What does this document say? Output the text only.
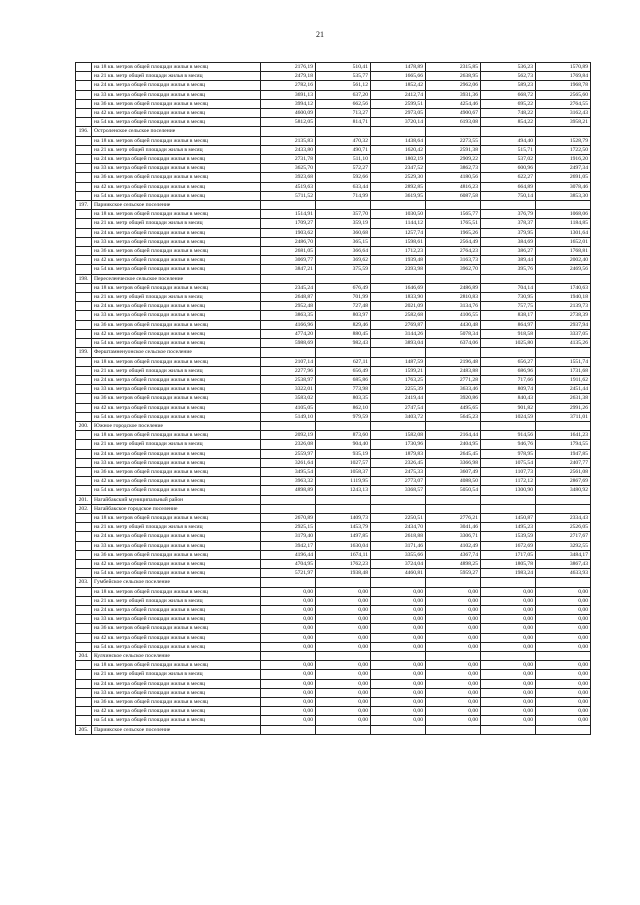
21
	на 18 кв. метров общей площади жилья в месяц	2176,19	510,41	1478,89	2315,85	536,23	1570,89
	на 21 кв. метр общей площади жилья в месяц	2479,18	535,77	1665,66	2638,95	562,73	1769,84
	на 24 кв. метра общей площади жилья в месяц	2782,16	561,12	1852,42	2962,06	589,23	1968,78
	на 33 кв. метра общей площади жилья в месяц	3691,13	637,20	2412,74	3931,36	668,72	2565,60
	на 36 кв. метров общей площади жилья в месяц	3994,12	662,56	2599,51	4254,46	695,22	2764,55
	на 42 кв. метра общей площади жилья в месяц	4600,09	713,27	2973,05	4900,67	748,22	3162,43
	на 54 кв. метра общей площади жилья в месяц	5812,05	814,71	3720,14	6193,08	854,22	3958,21
196.	Остроленское сельское поселение						
	на 18 кв. метров общей площади жилья в месяц	2135,83	470,32	1438,64	2273,55	494,40	1528,79
	на 21 кв. метр общей площади жилья в месяц	2433,80	490,71	1620,42	2591,38	515,71	1722,50
	на 24 кв. метра общей площади жилья в месяц	2731,78	511,10	1802,19	2909,22	537,02	1916,20
	на 33 кв. метра общей площади жилья в месяц	3625,70	572,27	2347,52	3862,73	600,96	2497,34
	на 36 кв. метров общей площади жилья в месяц	3923,68	592,66	2529,30	4180,56	622,27	2691,05
	на 42 кв. метра общей площади жилья в месяц	4519,63	633,44	2892,85	4816,23	664,89	3078,46
	на 54 кв. метра общей площади жилья в месяц	5711,52	714,99	3619,95	6087,58	750,14	3853,30
197.	Париикское сельское поселение						
	на 18 кв. метров общей площади жилья в месяц	1514,91	357,70	1030,50	1565,77	376,79	1068,06
	на 21 кв. метр общей площади жилья в месяц	1709,27	359,19	1144,12	1765,51	378,37	1184,85
	на 24 кв. метра общей площади жилья в месяц	1903,62	360,68	1257,74	1965,26	379,95	1301,64
	на 33 кв. метра общей площади жилья в месяц	2486,70	365,15	1598,61	2564,49	384,69	1652,01
	на 36 кв. метров общей площади жилья в месяц	2681,05	366,64	1712,23	2764,23	386,27	1768,81
	на 42 кв. метра общей площади жилья в месяц	3069,77	369,62	1939,48	3163,73	389,44	2002,40
	на 54 кв. метра общей площади жилья в месяц	3847,21	375,59	2393,98	3962,70	395,76	2469,56
198.	Переселенческое сельское поселение						
	на 18 кв. метров общей площади жилья в месяц	2345,24	676,49	1646,69	2486,89	704,14	1740,63
	на 21 кв. метр общей площади жилья в месяц	2648,87	701,99	1833,90	2810,83	730,95	1940,18
	на 24 кв. метра общей площади жилья в месяц	2952,48	727,48	2021,09	3134,76	757,75	2139,73
	на 33 кв. метра общей площади жилья в месяц	3863,35	803,97	2582,68	4106,55	838,17	2738,39
	на 36 кв. метров общей площади жилья в месяц	4166,96	829,46	2769,87	4430,48	864,97	2937,94
	на 42 кв. метра общей площади жилья в месяц	4774,20	880,45	3144,26	5078,34	918,58	3337,05
	на 54 кв. метра общей площади жилья в месяц	5988,69	982,43	3893,04	6374,06	1025,80	4135,26
199.	Ферштамненуонское сельское поселение						
	на 18 кв. метров общей площади жилья в месяц	2107,14	627,11	1487,59	2196,48	656,27	1551,74
	на 21 кв. метр общей площади жилья в месяц	2277,96	656,49	1599,21	2483,88	686,96	1731,68
	на 24 кв. метра общей площади жилья в месяц	2538,97	685,86	1763,25	2771,28	717,66	1911,62
	на 33 кв. метра общей площади жилья в месяц	3322,01	773,98	2255,39	3633,46	809,74	2451,44
	на 36 кв. метров общей площади жилья в месяц	3583,02	803,35	2419,44	3920,86	840,43	2631,38
	на 42 кв. метра общей площади жилья в месяц	4105,05	862,10	2747,54	4495,65	901,82	2991,26
	на 54 кв. метра общей площади жилья в месяц	5149,10	979,59	3403,72	5645,23	1024,59	3711,01
200.	Южное городское поселение						
	на 18 кв. метров общей площади жилья в месяц	2092,19	873,60	1582,08	2164,44	914,56	1641,23
	на 21 кв. метр общей площади жилья в месяц	2326,08	904,40	1730,96	2404,95	946,76	1794,55
	на 24 кв. метра общей площади жилья в месяц	2559,97	935,19	1879,83	2645,45	978,95	1947,85
	на 33 кв. метра общей площади жилья в месяц	3261,64	1027,57	2326,45	3366,98	1075,54	2407,77
	на 36 кв. метров общей площади жилья в месяц	3495,54	1058,37	2475,33	3607,49	1107,73	2561,08
	на 42 кв. метра общей площади жилья в месяц	3963,32	1119,95	2773,07	4088,50	1172,12	2867,69
	на 54 кв. метра общей площади жилья в месяц	4898,89	1243,13	3368,57	5050,54	1300,90	3480,92
201.	Нагайбакский муниципальный район						
202.	Нагайбакское городское поселение						
	на 18 кв. метров общей площади жилья в месяц	2670,89	1409,73	2250,51	2776,21	1450,87	2334,43
	на 21 кв. метр общей площади жилья в месяц	2925,15	1453,79	2434,70	3041,46	1495,23	2526,05
	на 24 кв. метра общей площади жилья в месяц	3179,40	1497,85	2618,88	3306,71	1539,59	2717,67
	на 33 кв. метра общей площади жилья в месяц	3942,17	1630,04	3171,46	4102,49	1672,69	3292,55
	на 36 кв. метров общей площади жилья в месяц	4196,44	1674,11	3355,66	4367,74	1717,05	3484,17
	на 42 кв. метра общей площади жилья в месяц	4704,95	1762,23	3724,04	4898,25	1805,78	3867,43
	на 54 кв. метра общей площади жилья в месяц	5721,97	1938,48	4460,81	5959,27	1983,24	4633,93
203.	Гумбейское сельское поселение						
	на 18 кв. метров общей площади жилья в месяц	0,00	0,00	0,00	0,00	0,00	0,00
	на 21 кв. метр общей площади жилья в месяц	0,00	0,00	0,00	0,00	0,00	0,00
	на 24 кв. метра общей площади жилья в месяц	0,00	0,00	0,00	0,00	0,00	0,00
	на 33 кв. метра общей площади жилья в месяц	0,00	0,00	0,00	0,00	0,00	0,00
	на 36 кв. метров общей площади жилья в месяц	0,00	0,00	0,00	0,00	0,00	0,00
	на 42 кв. метра общей площади жилья в месяц	0,00	0,00	0,00	0,00	0,00	0,00
	на 54 кв. метра общей площади жилья в месяц	0,00	0,00	0,00	0,00	0,00	0,00
204.	Кулчинское сельское поселение						
	на 18 кв. метров общей площади жилья в месяц	0,00	0,00	0,00	0,00	0,00	0,00
	на 21 кв. метр общей площади жилья в месяц	0,00	0,00	0,00	0,00	0,00	0,00
	на 24 кв. метра общей площади жилья в месяц	0,00	0,00	0,00	0,00	0,00	0,00
	на 33 кв. метра общей площади жилья в месяц	0,00	0,00	0,00	0,00	0,00	0,00
	на 36 кв. метров общей площади жилья в месяц	0,00	0,00	0,00	0,00	0,00	0,00
	на 42 кв. метра общей площади жилья в месяц	0,00	0,00	0,00	0,00	0,00	0,00
	на 54 кв. метра общей площади жилья в месяц	0,00	0,00	0,00	0,00	0,00	0,00
205.	Париикское сельское поселение						
